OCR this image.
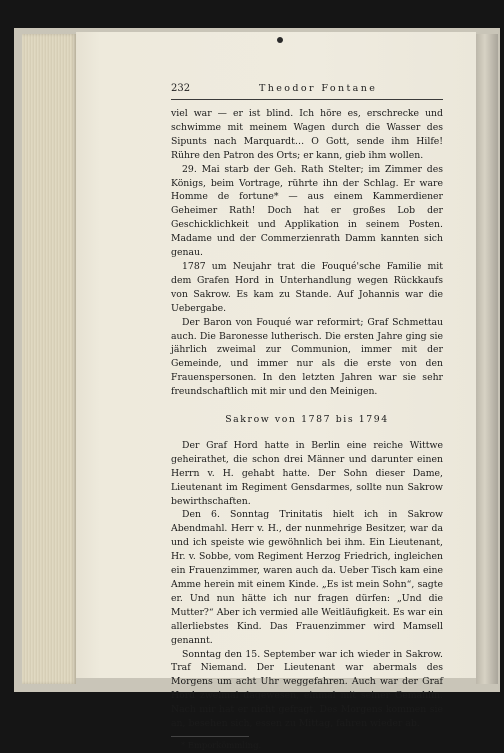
232	Theodor Fontane

viel war — er ist blind. Ich höre es, erschrecke und schwimme mit meinem Wagen durch die Wasser des Sipunts nach Marquardt… O Gott, sende ihm Hilfe! Rühre den Patron des Orts; er kann, gieb ihm wollen.

29. Mai starb der Geh. Rath Stelter; im Zimmer des Königs, beim Vortrage, rührte ihn der Schlag. Er ware Homme de fortune* — aus einem Kammerdiener Geheimer Rath! Doch hat er großes Lob der Geschicklichkeit und Applikation in seinem Posten. Madame und der Commerzienrath Damm kannten sich genau.

1787 um Neujahr trat die Fouqué'sche Familie mit dem Grafen Hord in Unterhandlung wegen Rückkaufs von Sakrow. Es kam zu Stande. Auf Johannis war die Uebergabe.

Der Baron von Fouqué war reformirt; Graf Schmettau auch. Die Baronesse lutherisch. Die ersten Jahre ging sie jährlich zweimal zur Communion, immer mit der Gemeinde, und immer nur als die erste von den Frauenspersonen. In den letzten Jahren war sie sehr freundschaftlich mit mir und den Meinigen.

Sakrow von 1787 bis 1794

Der Graf Hord hatte in Berlin eine reiche Wittwe geheirathet, die schon drei Männer und darunter einen Herrn v. H. gehabt hatte. Der Sohn dieser Dame, Lieutenant im Regiment Gensdarmes, sollte nun Sakrow bewirthschaften.

Den 6. Sonntag Trinitatis hielt ich in Sakrow Abendmahl. Herr v. H., der nunmehrige Besitzer, war da und ich speiste wie gewöhnlich bei ihm. Ein Lieutenant, Hr. v. Sobbe, vom Regiment Herzog Friedrich, ingleichen ein Frauenzimmer, waren auch da. Ueber Tisch kam eine Amme herein mit einem Kinde. „Es ist mein Sohn“, sagte er. Und nun hätte ich nur fragen dürfen: „Und die Mutter?“ Aber ich vermied alle Weitläufigkeit. Es war ein allerliebstes Kind. Das Frauenzimmer wird Mamsell genannt.

Sonntag den 15. September war ich wieder in Sakrow. Traf Niemand. Der Lieutenant war abermals des Morgens um acht Uhr weggefahren. Auch war der Graf Hord zweimal dagewesen, einmal mit seiner Gemahlin. Nach mir hat er nicht gefragt. Des Morgens kommen sie an, besehen sich, essen zu Mittag, fahren wieder ab.

* Emporkömmling.
